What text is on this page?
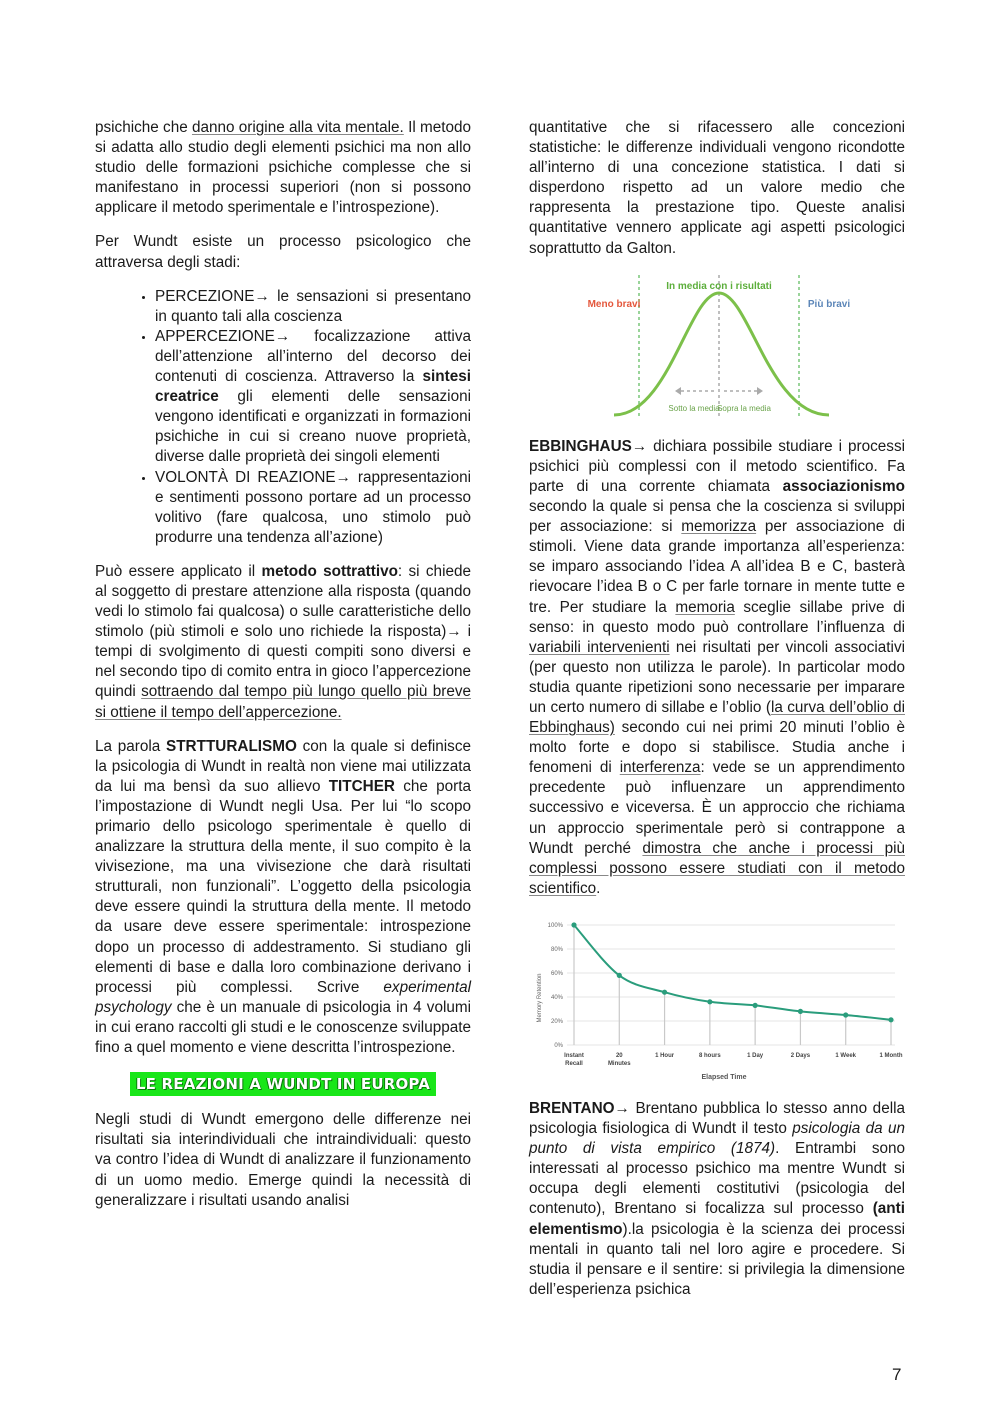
psichiche che danno origine alla vita mentale. Il metodo si adatta allo studio degli elementi psichici ma non allo studio delle formazioni psichiche complesse che si manifestano in processi superiori (non si possono applicare il metodo sperimentale e l’introspezione).

Per Wundt esiste un processo psicologico che attraversa degli stadi:

• PERCEZIONE→ le sensazioni si presentano in quanto tali alla coscienza
• APPERCEZIONE→ focalizzazione attiva dell’attenzione all’interno del decorso dei contenuti di coscienza. Attraverso la sintesi creatrice gli elementi delle sensazioni vengono identificati e organizzati in formazioni psichiche in cui si creano nuove proprietà, diverse dalle proprietà dei singoli elementi
• VOLONTÀ DI REAZIONE→ rappresentazioni e sentimenti possono portare ad un processo volitivo (fare qualcosa, uno stimolo può produrre una tendenza all’azione)

Può essere applicato il metodo sottrattivo: si chiede al soggetto di prestare attenzione alla risposta (quando vedi lo stimolo fai qualcosa) o sulle caratteristiche dello stimolo (più stimoli e solo uno richiede la risposta)→ i tempi di svolgimento di questi compiti sono diversi e nel secondo tipo di comito entra in gioco l’appercezione quindi sottraendo dal tempo più lungo quello più breve si ottiene il tempo dell’appercezione.

La parola STRTTURALISMO con la quale si definisce la psicologia di Wundt in realtà non viene mai utilizzata da lui ma bensì da suo allievo TITCHER che porta l’impostazione di Wundt negli Usa. Per lui “lo scopo primario dello psicologo sperimentale è quello di analizzare la struttura della mente, il suo compito è la vivisezione, ma una vivisezione che darà risultati strutturali, non funzionali”. L’oggetto della psicologia deve essere quindi la struttura della mente. Il metodo da usare deve essere sperimentale: introspezione dopo un processo di addestramento. Si studiano gli elementi di base e dalla loro combinazione derivano i processi più complessi. Scrive experimental psychology che è un manuale di psicologia in 4 volumi in cui erano raccolti gli studi e le conoscenze sviluppate fino a quel momento e viene descritta l’introspezione.

LE REAZIONI A WUNDT IN EUROPA

Negli studi di Wundt emergono delle differenze nei risultati sia interindividuali che intraindividuali: questo va contro l’idea di Wundt di analizzare il funzionamento di un uomo medio. Emerge quindi la necessità di generalizzare i risultati usando analisi

quantitative che si rifacessero alle concezioni statistiche: le differenze individuali vengono ricondotte all’interno di una concezione statistica. I dati si disperdono rispetto ad un valore medio che rappresenta la prestazione tipo. Queste analisi quantitative vennero applicate agi aspetti psicologici soprattutto da Galton.

In media con i risultati
Meno bravi	Più bravi
Sotto la media
Sopra la media

EBBINGHAUS→ dichiara possibile studiare i processi psichici più complessi con il metodo scientifico. Fa parte di una corrente chiamata associazionismo secondo la quale si pensa che la coscienza si sviluppi per associazione: si memorizza per associazione di stimoli. Viene data grande importanza all’esperienza: se imparo associando l’idea A all’idea B e C, basterà rievocare l’idea B o C per farle tornare in mente tutte e tre. Per studiare la memoria sceglie sillabe prive di senso: in questo modo può controllare l’influenza di variabili intervenienti nei risultati per vincoli associativi (per questo non utilizza le parole). In particolar modo studia quante ripetizioni sono necessarie per imparare un certo numero di sillabe e l’oblio (la curva dell’oblio di Ebbinghaus) secondo cui nei primi 20 minuti l’oblio è molto forte e dopo si stabilisce. Studia anche i fenomeni di interferenza: vede se un apprendimento precedente può influenzare un apprendimento successivo e viceversa. È un approccio che richiama un approccio sperimentale però si contrappone a Wundt perché dimostra che anche i processi più complessi possono essere studiati con il metodo scientifico.

Memory Retention
Elapsed Time
100%
80%
60%
40%
20%
0%
Instant
Recall
20
Minutes
1 Hour	8 hours	1 Day	2 Days	1 Week	1 Month

BRENTANO→ Brentano pubblica lo stesso anno della psicologia fisiologica di Wundt il testo psicologia da un punto di vista empirico (1874). Entrambi sono interessati al processo psichico ma mentre Wundt si occupa degli elementi costitutivi (psicologia del contenuto), Brentano si focalizza sul processo (anti elementismo).la psicologia è la scienza dei processi mentali in quanto tali nel loro agire e procedere. Si studia il pensare e il sentire: si privilegia la dimensione dell’esperienza psichica

7
